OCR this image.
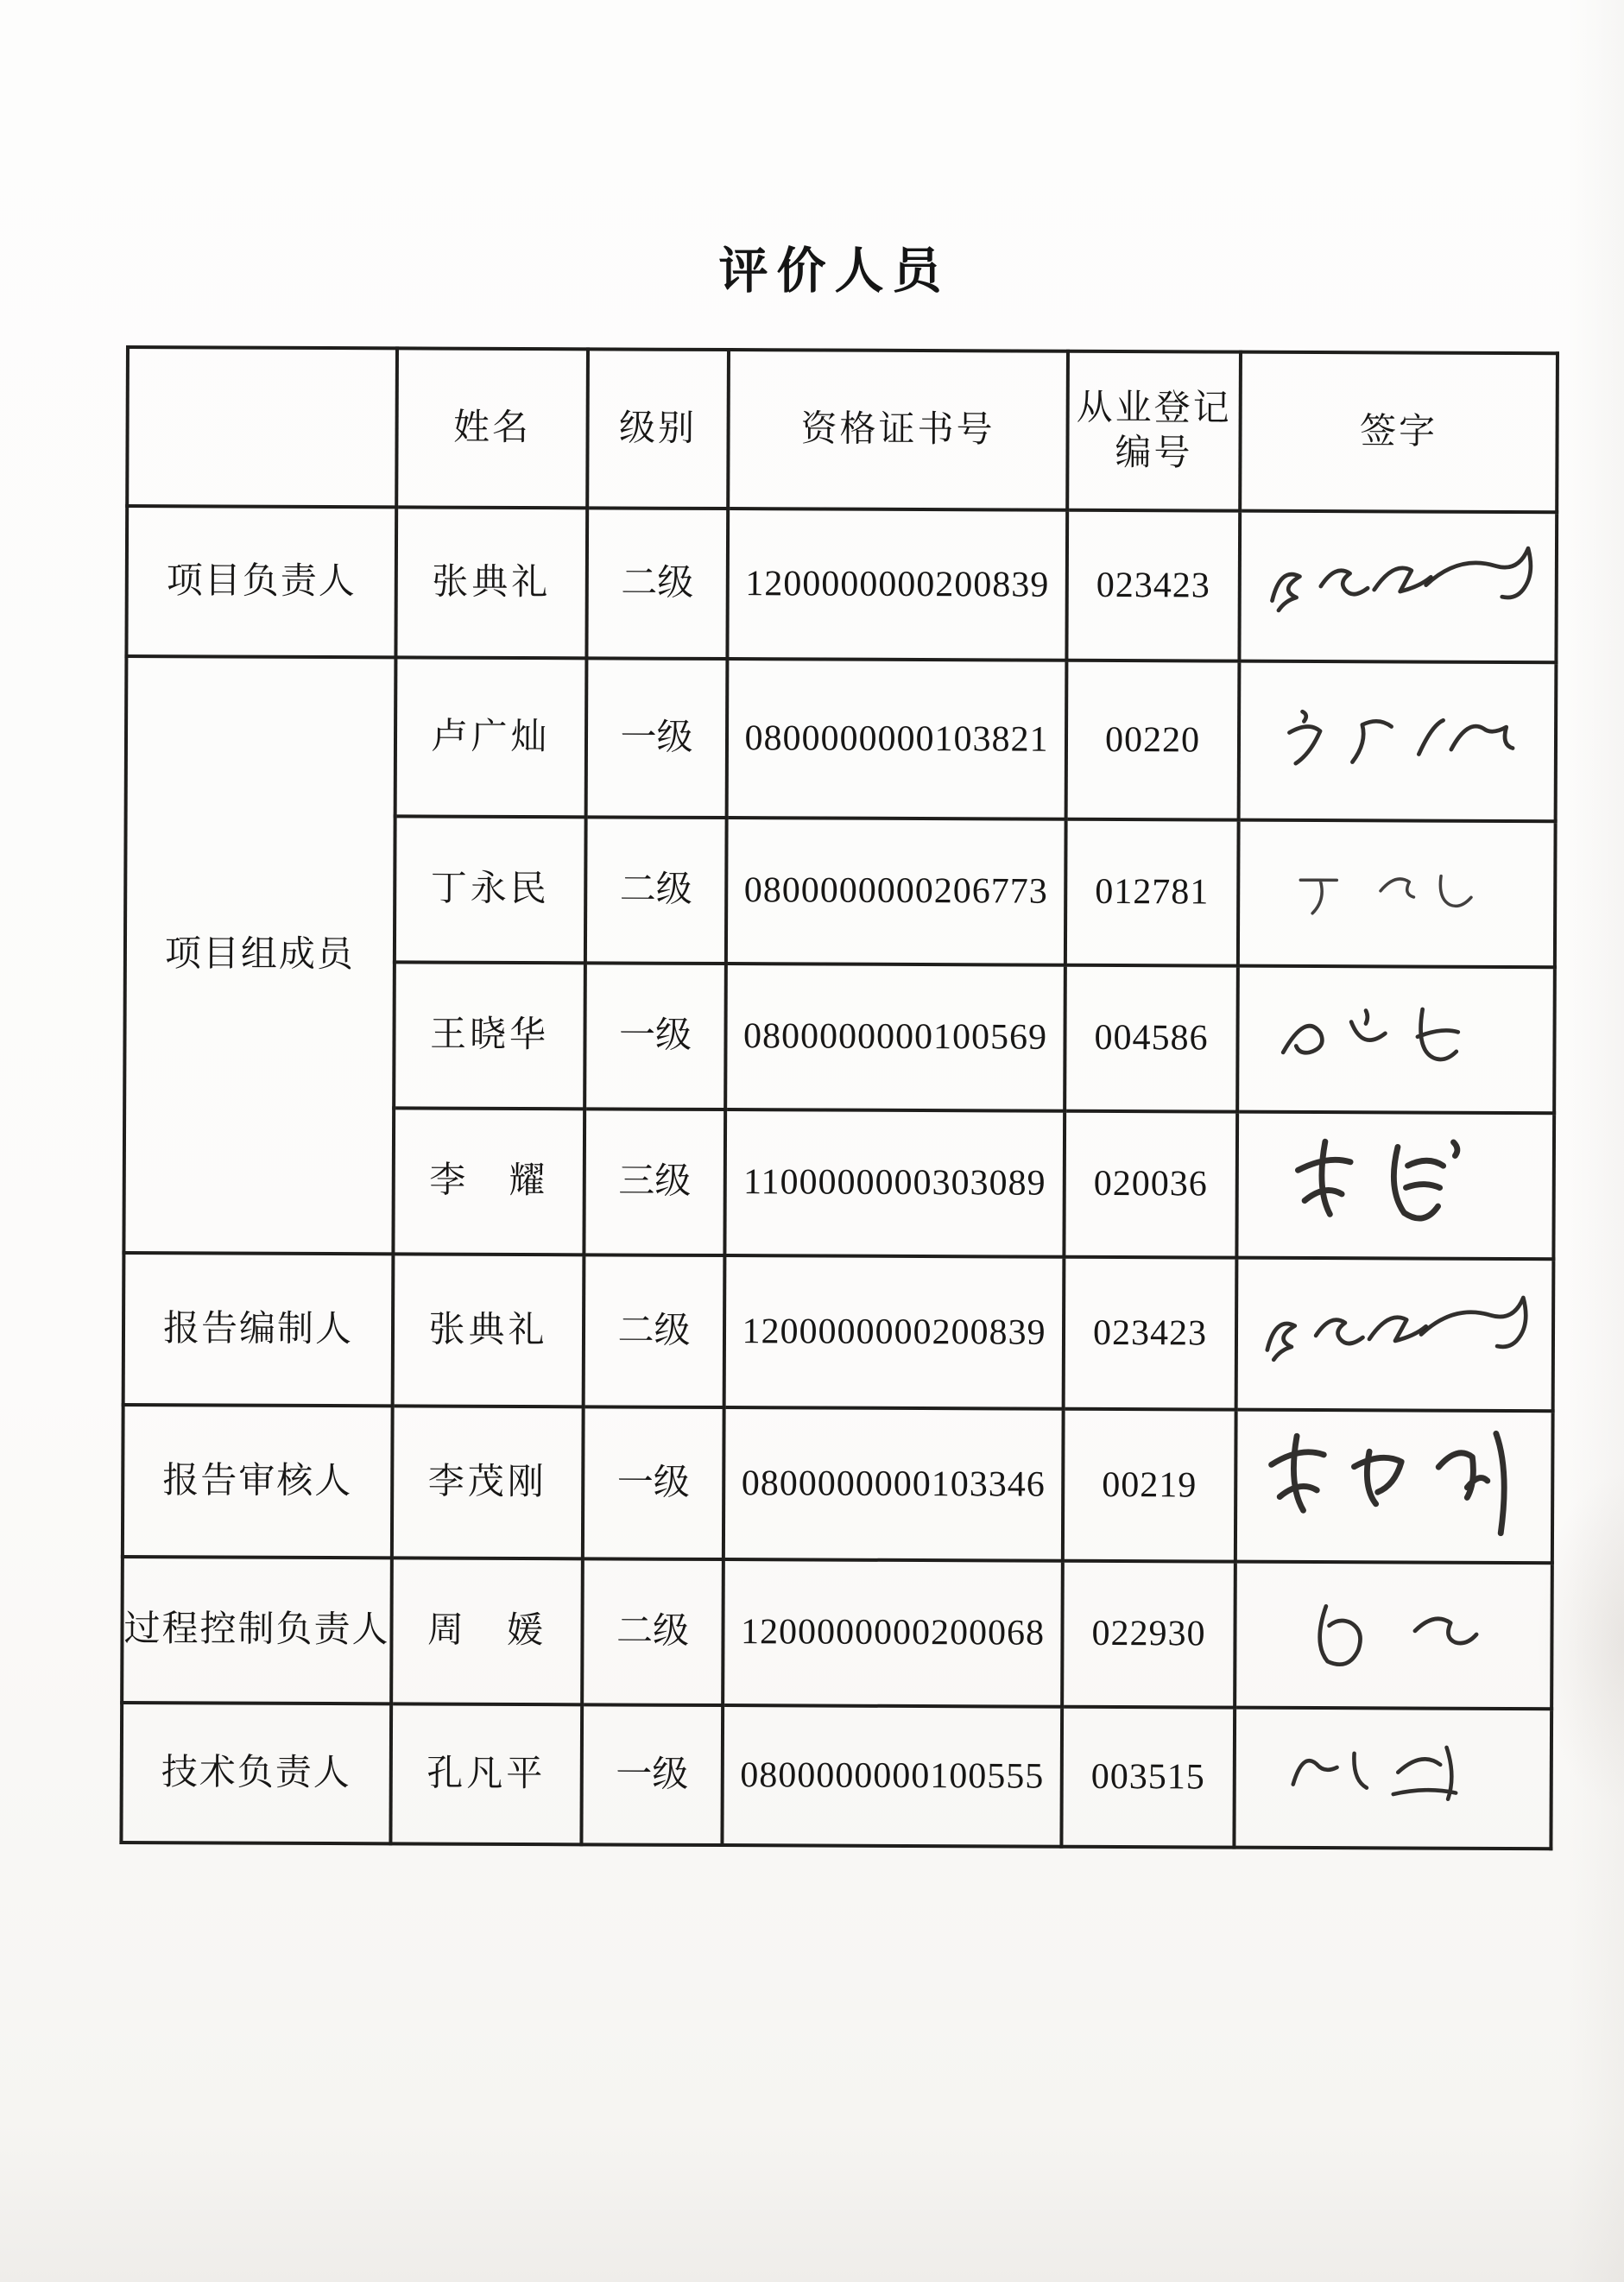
评价人员
	姓名	级别	资格证书号	从业登记编号	签字
项目负责人	张典礼	二级	1200000000200839	023423	

项目组成员	卢广灿	一级	0800000000103821	00220	

	丁永民	二级	0800000000206773	012781	

	王晓华	一级	0800000000100569	004586	

	李　耀	三级	1100000000303089	020036	

报告编制人	张典礼	二级	1200000000200839	023423	

报告审核人	李茂刚	一级	0800000000103346	00219	

过程控制负责人	周　媛	二级	1200000000200068	022930	

技术负责人	孔凡平	一级	0800000000100555	003515	
